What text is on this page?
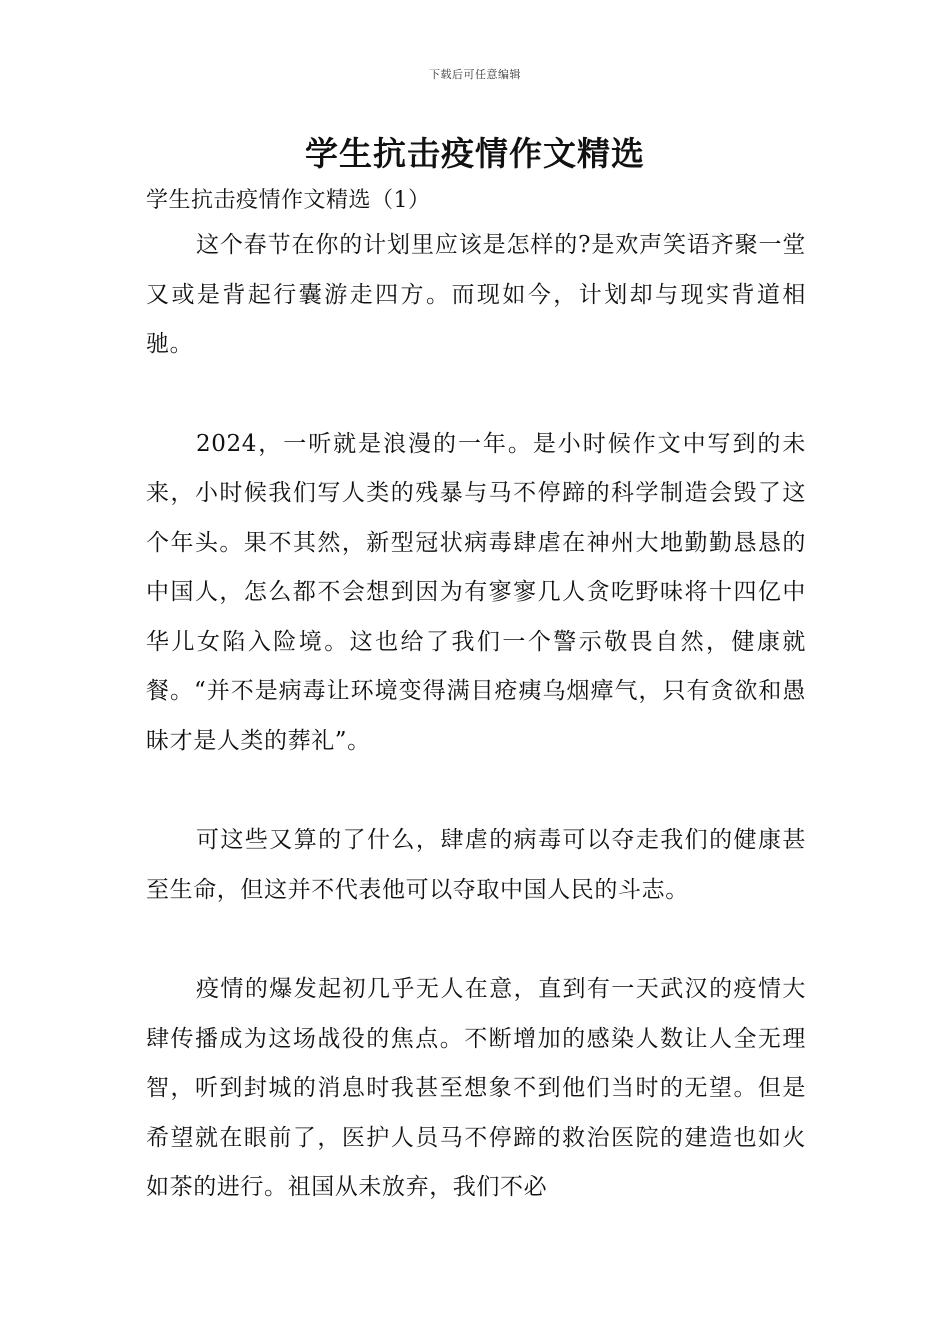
下载后可任意编辑
学生抗击疫情作文精选

学生抗击疫情作文精选（1）

这个春节在你的计划里应该是怎样的?是欢声笑语齐聚一堂又或是背起行囊游走四方。而现如今，计划却与现实背道相驰。

2024，一听就是浪漫的一年。是小时候作文中写到的未来，小时候我们写人类的残暴与马不停蹄的科学制造会毁了这个年头。果不其然，新型冠状病毒肆虐在神州大地勤勤恳恳的中国人，怎么都不会想到因为有寥寥几人贪吃野味将十四亿中华儿女陷入险境。这也给了我们一个警示敬畏自然，健康就餐。“并不是病毒让环境变得满目疮痍乌烟瘴气，只有贪欲和愚昧才是人类的葬礼”。

可这些又算的了什么，肆虐的病毒可以夺走我们的健康甚至生命，但这并不代表他可以夺取中国人民的斗志。

疫情的爆发起初几乎无人在意，直到有一天武汉的疫情大肆传播成为这场战役的焦点。不断增加的感染人数让人全无理智，听到封城的消息时我甚至想象不到他们当时的无望。但是希望就在眼前了，医护人员马不停蹄的救治医院的建造也如火如茶的进行。祖国从未放弃，我们不必
